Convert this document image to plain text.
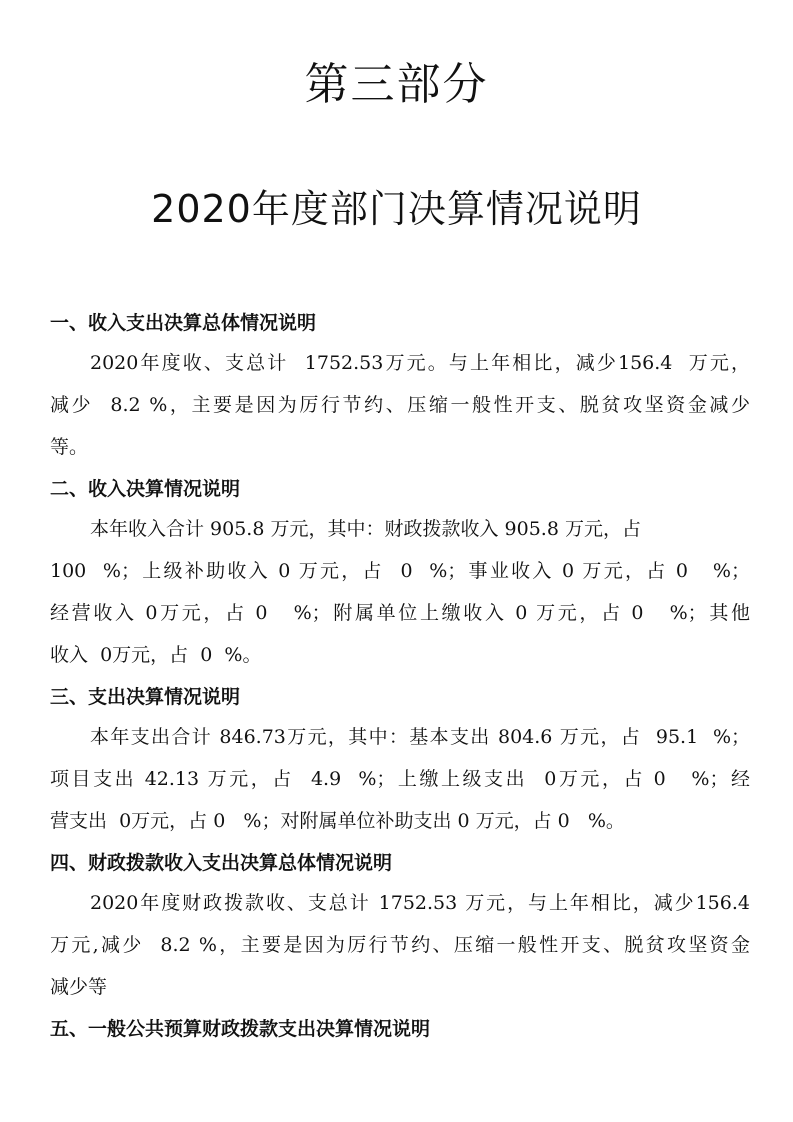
第三部分
2020年度部门决算情况说明
一、收入支出决算总体情况说明
2020年度收、支总计  1752.53万元。与上年相比，减少156.4  万元，
减少  8.2 %，主要是因为厉行节约、压缩一般性开支、脱贫攻坚资金减少
等。
二、收入决算情况说明
本年收入合计 905.8 万元，其中：财政拨款收入 905.8 万元，占
100  %；上级补助收入 0 万元，占  0  %；事业收入 0 万元，占 0   %；
经营收入 0万元，占 0   %；附属单位上缴收入 0 万元，占 0   %；其他
收入  0万元，占  0  %。
三、支出决算情况说明
本年支出合计 846.73万元，其中：基本支出 804.6 万元，占  95.1  %；
项目支出 42.13 万元，占  4.9  %；上缴上级支出  0万元，占 0   %；经
营支出  0万元，占 0   %；对附属单位补助支出 0 万元，占 0   %。
四、财政拨款收入支出决算总体情况说明
2020年度财政拨款收、支总计 1752.53 万元，与上年相比，减少156.4
万元,减少  8.2 %，主要是因为厉行节约、压缩一般性开支、脱贫攻坚资金
减少等
五、一般公共预算财政拨款支出决算情况说明
